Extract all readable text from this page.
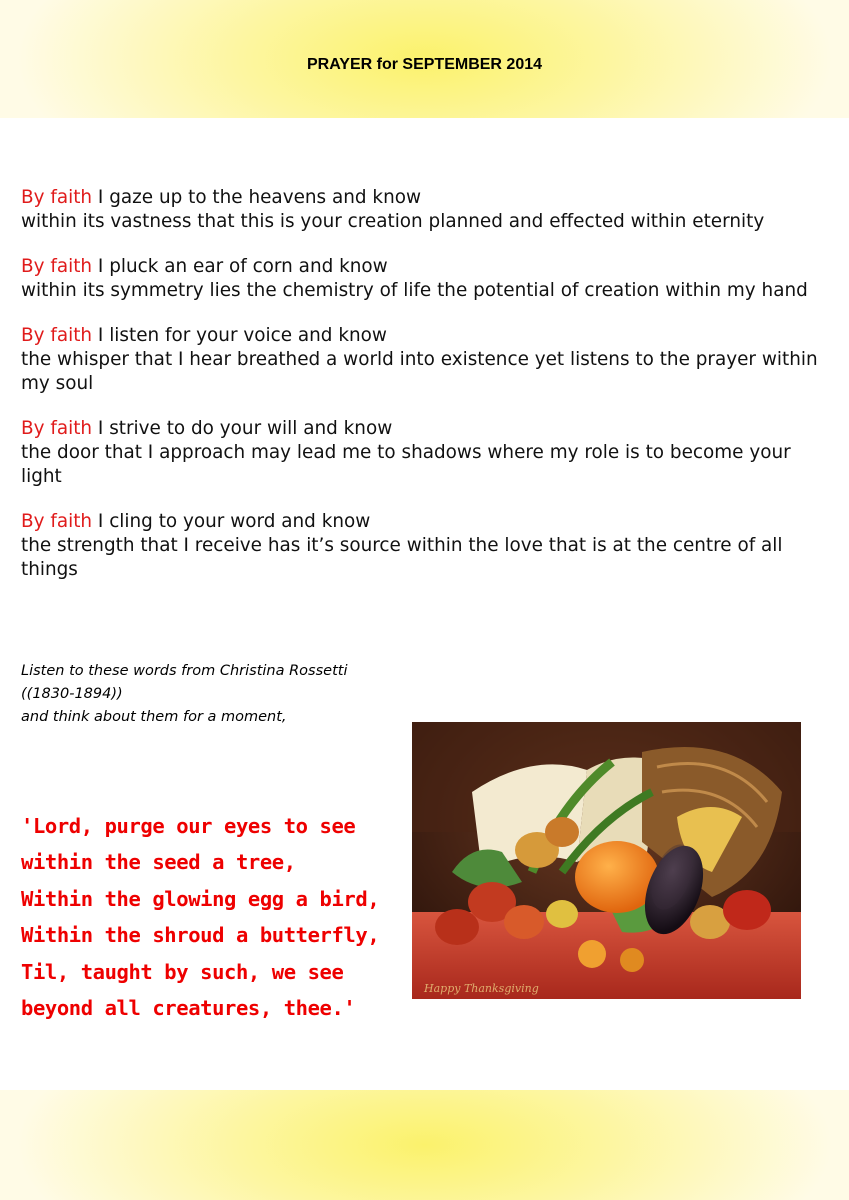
PRAYER for SEPTEMBER 2014
By faith I gaze up to the heavens and know
within its vastness that this is your creation planned and effected within eternity
By faith I pluck an ear of corn and know
within its symmetry lies the chemistry of life the potential of creation within my hand
By faith I listen for your voice and know
the whisper that I hear breathed a world into existence yet listens to the prayer within my soul
By faith I strive to do your will and know
the door that I approach may lead me to shadows where my role is to become your light
By faith I cling to your word and know
the strength that I receive has it’s source within the love that is at the centre of all things
Listen to these words from Christina Rossetti
((1830-1894))
and think about them for a moment,
'Lord, purge our eyes to see
within the seed a tree,
Within the glowing egg a bird,
Within the shroud a butterfly,
Til, taught by such, we see
beyond all creatures, thee.'
Happy Thanksgiving
